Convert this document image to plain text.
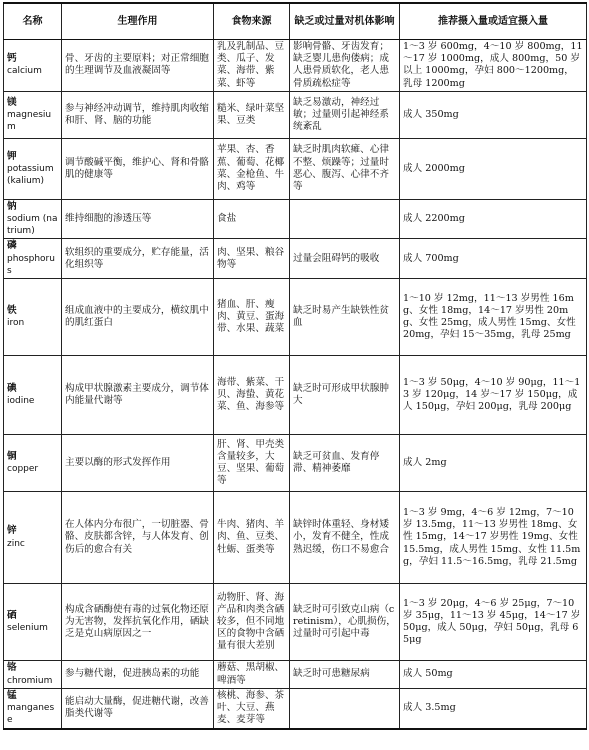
名称	生理作用	食物来源	缺乏或过量对机体影响	推荐摄入量或适宜摄入量

钙
calcium	骨、牙齿的主要原料；对正常细胞的生理调节及血液凝固等	乳及乳制品、豆类、瓜子、发菜、海带、紫菜、虾等	影响骨骼、牙齿发育；缺乏婴儿患佝偻病；成人患骨质软化，老人患骨质疏松症等	1～3 岁 600mg，4～10 岁 800mg，11～17 岁 1000mg，成人 800mg，50 岁以上 1000mg，孕妇 800～1200mg，乳母 1200mg

镁
magnesium	参与神经冲动调节，维持肌肉收缩和肝、肾、脑的功能	糙米、绿叶菜坚果、豆类	缺乏易激动，神经过敏；过量则引起神经系统紊乱	成人 350mg

钾
potassium (kalium)	调节酸碱平衡，维护心、肾和骨骼肌的健康等	苹果、杏、香蕉、葡萄、花椰菜、金枪鱼、牛肉、鸡等	缺乏时肌肉软瘫、心律不整、烦躁等；过量时恶心、腹泻、心律不齐等	成人 2000mg

钠
sodium (natrium)	维持细胞的渗透压等	食盐		成人 2200mg

磷
phosphorus	软组织的重要成分，贮存能量，活化组织等	肉、坚果、粮谷物等	过量会阻碍钙的吸收	成人 700mg

铁
iron	组成血液中的主要成分，横纹肌中的肌红蛋白	猪血、肝、瘦肉、黄豆、蛋海带、水果、蔬菜	缺乏时易产生缺铁性贫血	1～10 岁 12mg，11～13 岁男性 16mg、女性 18mg，14～17 岁男性 20mg、女性 25mg，成人男性 15mg、女性 20mg，孕妇 15～35mg，乳母 25mg

碘
iodine	构成甲状腺激素主要成分，调节体内能量代谢等	海带、紫菜、干贝、海蛰、黄花菜、鱼、海参等	缺乏时可形成甲状腺肿大	1～3 岁 50μg，4～10 岁 90μg，11～13 岁 120μg，14 岁～17 岁 150μg，成人 150μg，孕妇 200μg，乳母 200μg

铜
copper	主要以酶的形式发挥作用	肝、肾、甲壳类含量较多，大豆、坚果、葡萄等	缺乏可贫血、发育停滞、精神萎靡	成人 2mg

锌
zinc	在人体内分布很广，一切脏器、骨骼、皮肤都含锌，与人体发育、创伤后的愈合有关	牛肉、猪肉、羊肉、鱼、豆类、牡蛎、蛋类等	缺锌时体重轻、身材矮小，发育不健全，性成熟迟缓，伤口不易愈合	1～3 岁 9mg，4～6 岁 12mg，7～10 岁 13.5mg，11～13 岁男性 18mg、女性 15mg，14～17 岁男性 19mg、女性 15.5mg，成人男性 15mg、女性 11.5mg，孕妇 11.5～16.5mg，乳母 21.5mg

硒
selenium	构成含硒酶使有毒的过氧化物还原为无害物，发挥抗氧化作用，硒缺乏是克山病原因之一	动物肝、肾、海产品和肉类含硒较多，但不同地区的食物中含硒量有很大差别	缺乏时可引致克山病（cretinism），心肌损伤，过量时可引起中毒	1～3 岁 20μg，4～6 岁 25μg，7～10 岁 35μg，11～13 岁 45μg，14～17 岁 50μg，成人 50μg，孕妇 50μg，乳母 65μg

铬
chromium	参与糖代谢，促进胰岛素的功能	蘑菇、黑胡椒、啤酒等	缺乏时可患糖尿病	成人 50mg

锰
manganese	能启动大量酶，促进糖代谢，改善脂类代谢等	核桃、海参、茶叶、大豆、燕麦、麦芽等		成人 3.5mg
